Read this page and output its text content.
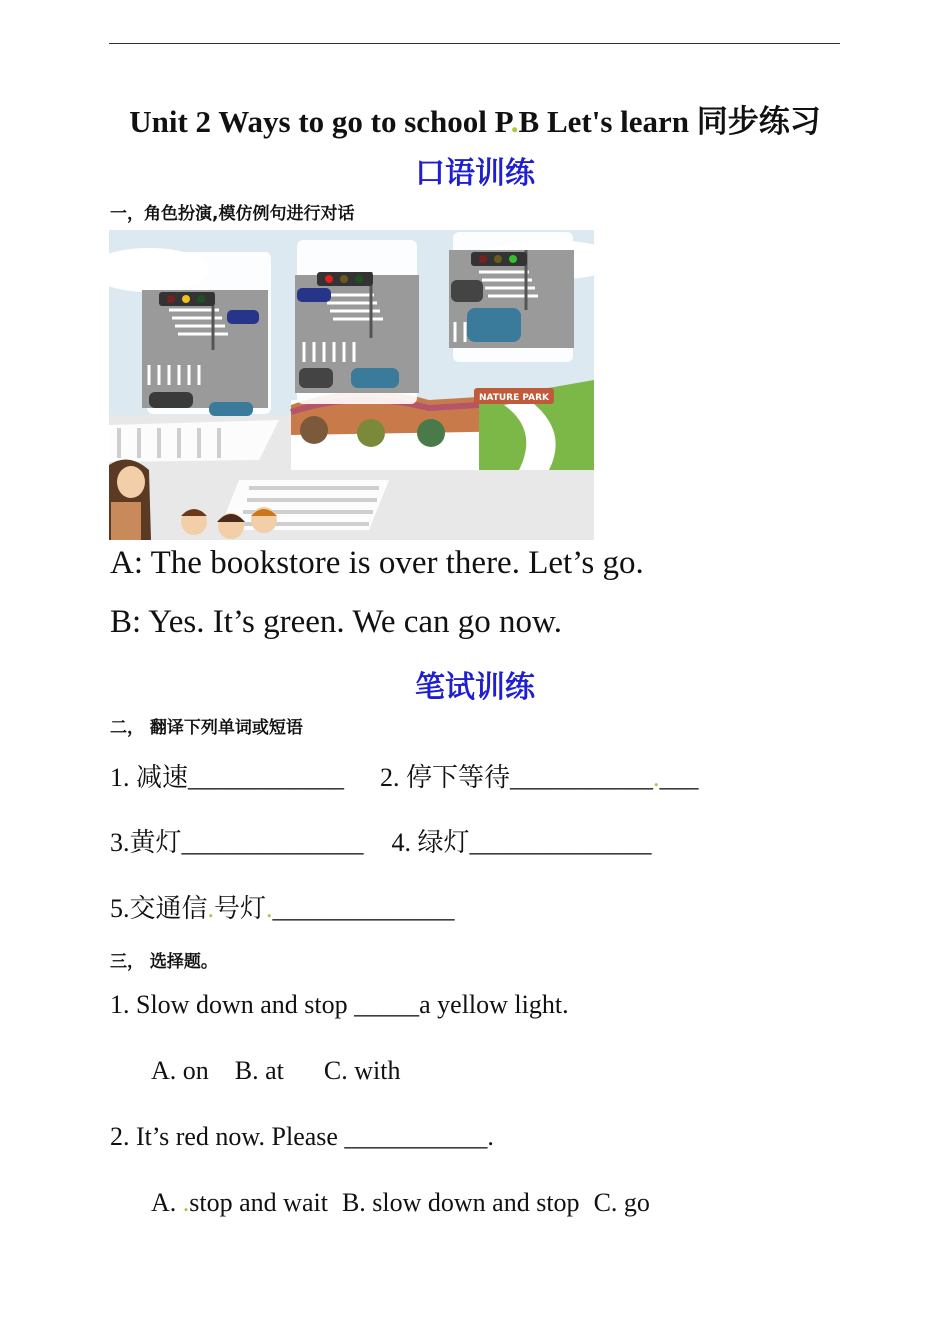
Unit 2 Ways to go to school P.B Let's learn 同步练习
口语训练
一，角色扮演,模仿例句进行对话
NATURE PARK
A: The bookstore is over there. Let’s go.
B: Yes. It’s green. We can go now.
笔试训练
二， 翻译下列单词或短语
1. 减速____________ 2. 停下等待___________.___
3.黄灯______________ 4. 绿灯______________
5.交通信.号灯.______________
三， 选择题。
1. Slow down and stop _____a yellow light.
A. on B. at C. with
2. It’s red now. Please ___________.
A. .stop and wait B. slow down and stop C. go
